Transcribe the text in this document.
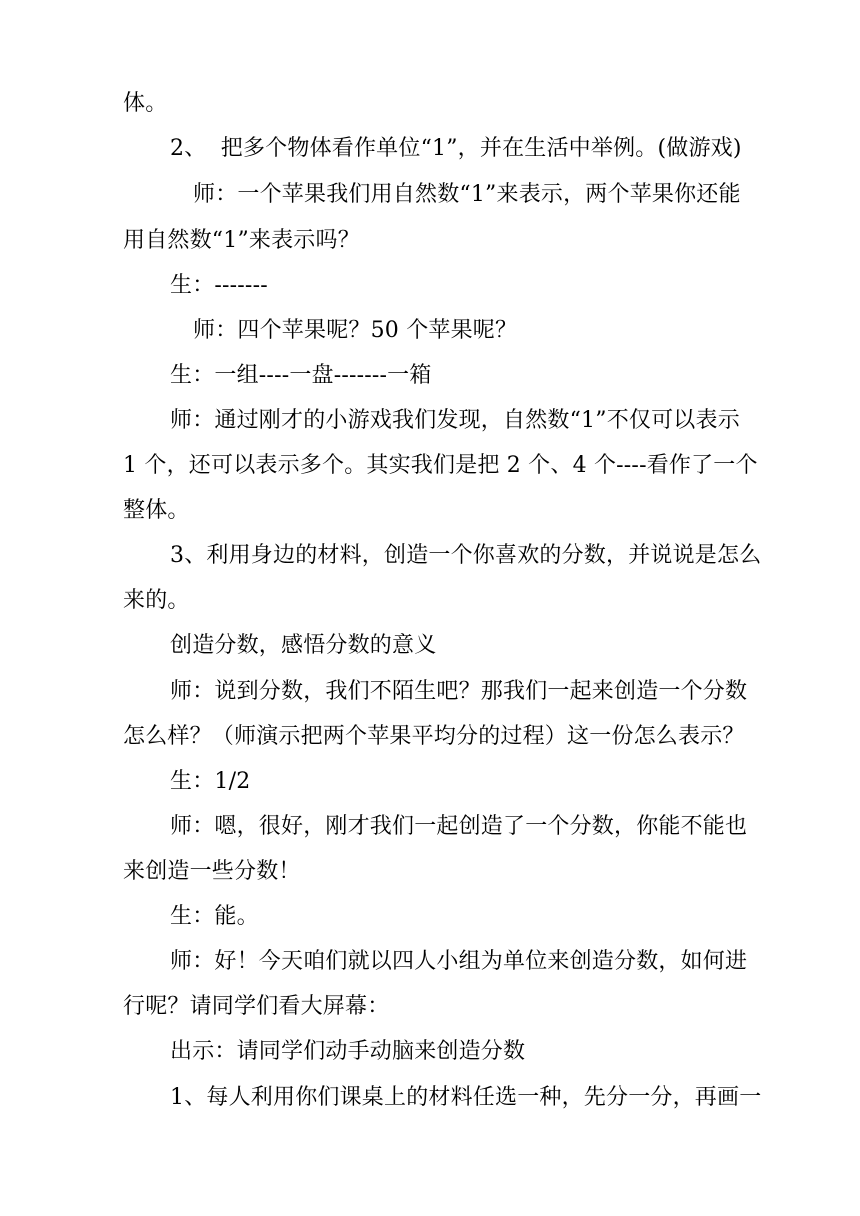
体。
2、  把多个物体看作单位“1”，并在生活中举例。(做游戏)
师：一个苹果我们用自然数“1”来表示，两个苹果你还能
用自然数“1”来表示吗？
生：-------
师：四个苹果呢？50 个苹果呢？
生：一组----一盘-------一箱
师：通过刚才的小游戏我们发现，自然数“1”不仅可以表示
1 个，还可以表示多个。其实我们是把 2 个、4 个----看作了一个
整体。
3、利用身边的材料，创造一个你喜欢的分数，并说说是怎么
来的。
创造分数，感悟分数的意义
师：说到分数，我们不陌生吧？那我们一起来创造一个分数
怎么样？（师演示把两个苹果平均分的过程）这一份怎么表示？
生：1/2
师：嗯，很好，刚才我们一起创造了一个分数，你能不能也
来创造一些分数！
生：能。
师：好！今天咱们就以四人小组为单位来创造分数，如何进
行呢？请同学们看大屏幕：
出示：请同学们动手动脑来创造分数
1、每人利用你们课桌上的材料任选一种，先分一分，再画一
